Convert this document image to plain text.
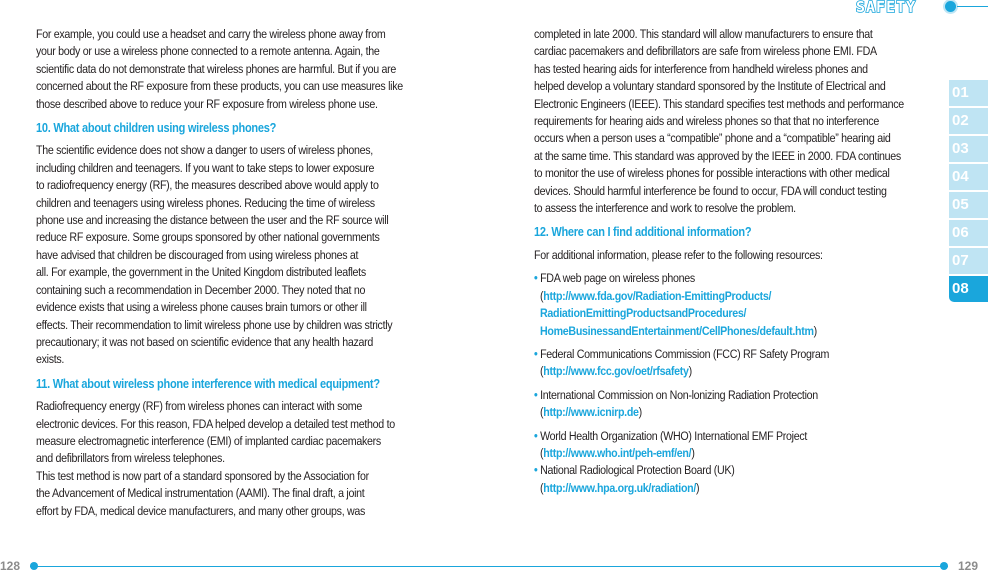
SAFETY
01
02
03
04
05
06
07
08

For example, you could use a headset and carry the wireless phone away from
your body or use a wireless phone connected to a remote antenna. Again, the
scientific data do not demonstrate that wireless phones are harmful. But if you are
concerned about the RF exposure from these products, you can use measures like
those described above to reduce your RF exposure from wireless phone use.

10. What about children using wireless phones?

The scientific evidence does not show a danger to users of wireless phones,
including children and teenagers. If you want to take steps to lower exposure
to radiofrequency energy (RF), the measures described above would apply to
children and teenagers using wireless phones. Reducing the time of wireless
phone use and increasing the distance between the user and the RF source will
reduce RF exposure. Some groups sponsored by other national governments
have advised that children be discouraged from using wireless phones at
all. For example, the government in the United Kingdom distributed leaflets
containing such a recommendation in December 2000. They noted that no
evidence exists that using a wireless phone causes brain tumors or other ill
effects. Their recommendation to limit wireless phone use by children was strictly
precautionary; it was not based on scientific evidence that any health hazard
exists.

11. What about wireless phone interference with medical equipment?

Radiofrequency energy (RF) from wireless phones can interact with some
electronic devices. For this reason, FDA helped develop a detailed test method to
measure electromagnetic interference (EMI) of implanted cardiac pacemakers
and defibrillators from wireless telephones.
This test method is now part of a standard sponsored by the Association for
the Advancement of Medical instrumentation (AAMI). The final draft, a joint
effort by FDA, medical device manufacturers, and many other groups, was

completed in late 2000. This standard will allow manufacturers to ensure that
cardiac pacemakers and defibrillators are safe from wireless phone EMI. FDA
has tested hearing aids for interference from handheld wireless phones and
helped develop a voluntary standard sponsored by the Institute of Electrical and
Electronic Engineers (IEEE). This standard specifies test methods and performance
requirements for hearing aids and wireless phones so that that no interference
occurs when a person uses a “compatible” phone and a “compatible” hearing aid
at the same time. This standard was approved by the IEEE in 2000. FDA continues
to monitor the use of wireless phones for possible interactions with other medical
devices. Should harmful interference be found to occur, FDA will conduct testing
to assess the interference and work to resolve the problem.

12. Where can I find additional information?

For additional information, please refer to the following resources:

• FDA web page on wireless phones
(http://www.fda.gov/Radiation-EmittingProducts/
RadiationEmittingProductsandProcedures/
HomeBusinessandEntertainment/CellPhones/default.htm)
• Federal Communications Commission (FCC) RF Safety Program
(http://www.fcc.gov/oet/rfsafety)
• International Commission on Non-lonizing Radiation Protection
(http://www.icnirp.de)
• World Health Organization (WHO) International EMF Project
(http://www.who.int/peh-emf/en/)
• National Radiological Protection Board (UK)
(http://www.hpa.org.uk/radiation/)
128	129
